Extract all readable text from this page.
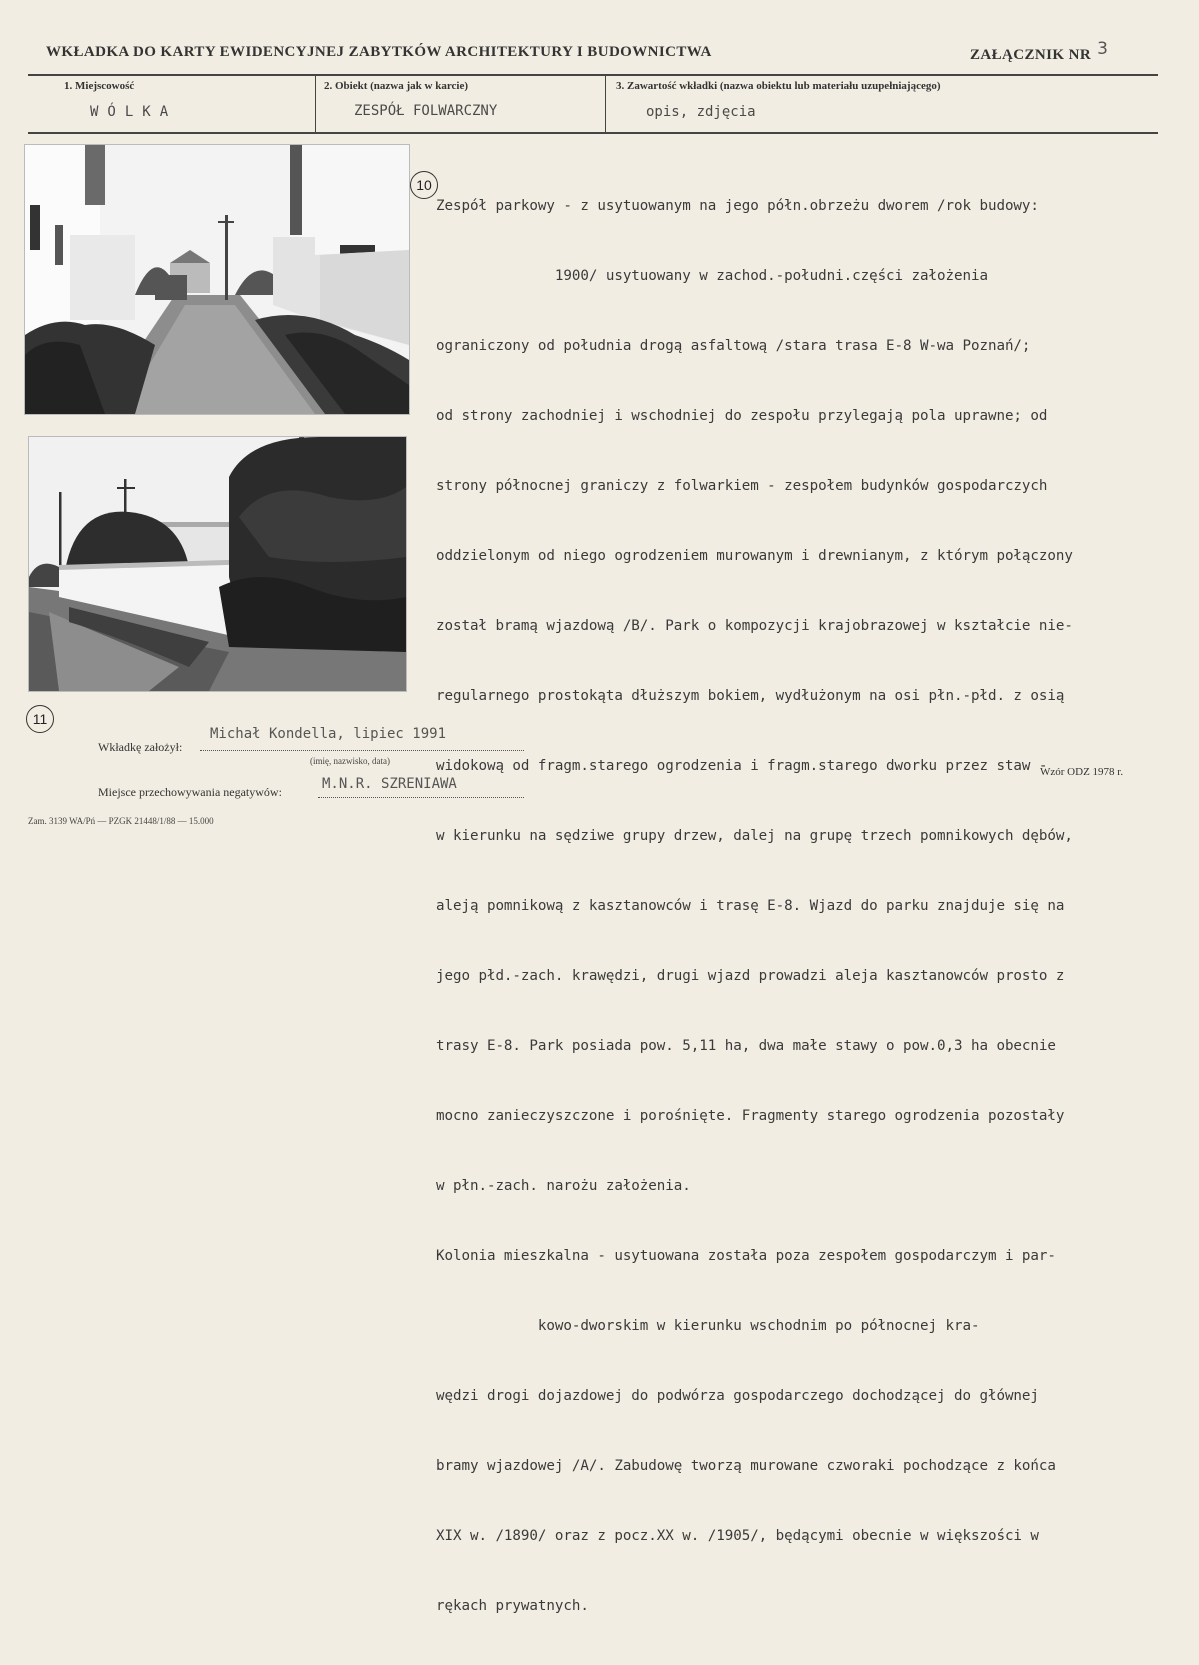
WKŁADKA DO KARTY EWIDENCYJNEJ ZABYTKÓW ARCHITEKTURY I BUDOWNICTWA	ZAŁĄCZNIK NR 3
1. Miejscowość
WÓLKA
2. Obiekt (nazwa jak w karcie)
ZESPÓŁ FOLWARCZNY
3. Zawartość wkładki (nazwa obiektu lub materiału uzupełniającego)
opis, zdjęcia
10
11

Zespół parkowy - z usytuowanym na jego półn.obrzeżu dworem /rok budowy:

1900/ usytuowany w zachod.-południ.części założenia

ograniczony od południa drogą asfaltową /stara trasa E-8 W-wa Poznań/;

od strony zachodniej i wschodniej do zespołu przylegają pola uprawne; od

strony północnej graniczy z folwarkiem - zespołem budynków gospodarczych

oddzielonym od niego ogrodzeniem murowanym i drewnianym, z którym połączony

został bramą wjazdową /B/. Park o kompozycji krajobrazowej w kształcie nie-

regularnego prostokąta dłuższym bokiem, wydłużonym na osi płn.-płd. z osią

widokową od fragm.starego ogrodzenia i fragm.starego dworku przez staw -

w kierunku na sędziwe grupy drzew, dalej na grupę trzech pomnikowych dębów,

aleją pomnikową z kasztanowców i trasę E-8. Wjazd do parku znajduje się na

jego płd.-zach. krawędzi, drugi wjazd prowadzi aleja kasztanowców prosto z

trasy E-8. Park posiada pow. 5,11 ha, dwa małe stawy o pow.0,3 ha obecnie

mocno zanieczyszczone i porośnięte. Fragmenty starego ogrodzenia pozostały

w płn.-zach. narożu założenia.

Kolonia mieszkalna - usytuowana została poza zespołem gospodarczym i par-

kowo-dworskim w kierunku wschodnim po północnej kra-

wędzi drogi dojazdowej do podwórza gospodarczego dochodzącej do głównej

bramy wjazdowej /A/. Zabudowę tworzą murowane czworaki pochodzące z końca

XIX w. /1890/ oraz z pocz.XX w. /1905/, będącymi obecnie w większości w

rękach prywatnych.

Wkładkę założył:
Michał Kondella, lipiec 1991
(imię, nazwisko, data)
Miejsce przechowywania negatywów:	M.N.R. SZRENIAWA
Wzór ODZ 1978 r.
Zam. 3139 WA/Pń — PZGK 21448/1/88 — 15.000
